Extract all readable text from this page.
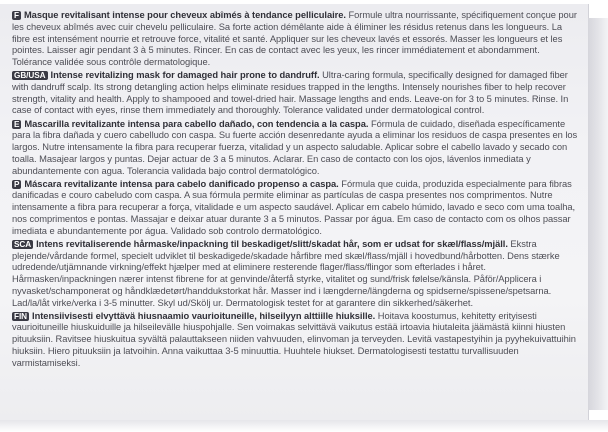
F Masque revitalisant intense pour cheveux abîmés à tendance pelliculaire. Formule ultra nourrissante, spécifiquement conçue pour les cheveux abîmés avec cuir chevelu pelliculaire. Sa forte action démêlante aide à éliminer les résidus retenus dans les longueurs. La fibre est intensément nourrie et retrouve force, vitalité et santé. Appliquer sur les cheveux lavés et essorés. Masser les longueurs et les pointes. Laisser agir pendant 3 à 5 minutes. Rincer. En cas de contact avec les yeux, les rincer immédiatement et abondamment. Tolérance validée sous contrôle dermatologique.

GB/USA Intense revitalizing mask for damaged hair prone to dandruff. Ultra-caring formula, specifically designed for damaged fiber with dandruff scalp. Its strong detangling action helps eliminate residues trapped in the lengths. Intensely nourishes fiber to help recover strength, vitality and health. Apply to shampooed and towel-dried hair. Massage lengths and ends. Leave-on for 3 to 5 minutes. Rinse. In case of contact with eyes, rinse them immediately and thoroughly. Tolerance validated under dermatological control.

E Mascarilla revitalizante intensa para cabello dañado, con tendencia a la caspa. Fórmula de cuidado, diseñada específicamente para la fibra dañada y cuero cabelludo con caspa. Su fuerte acción desenredante ayuda a eliminar los residuos de caspa presentes en los largos. Nutre intensamente la fibra para recuperar fuerza, vitalidad y un aspecto saludable. Aplicar sobre el cabello lavado y secado con toalla. Masajear largos y puntas. Dejar actuar de 3 a 5 minutos. Aclarar. En caso de contacto con los ojos, lávenlos inmediata y abundantemente con agua. Tolerancia validada bajo control dermatológico.

P Máscara revitalizante intensa para cabelo danificado propenso a caspa. Fórmula que cuida, produzida especialmente para fibras danificadas e couro cabeludo com caspa. A sua fórmula permite eliminar as partículas de caspa presentes nos comprimentos. Nutre intensamente a fibra para recuperar a força, vitalidade e um aspecto saudável. Aplicar em cabelo húmido, lavado e seco com uma toalha, nos comprimentos e pontas. Massajar e deixar atuar durante 3 a 5 minutos. Passar por água. Em caso de contacto com os olhos passar imediata e abundantemente por água. Validado sob controlo dermatológico.

SCA Intens revitaliserende hårmaske/inpackning til beskadiget/slitt/skadat hår, som er udsat for skæl/flass/mjäll. Ekstra plejende/vårdande formel, specielt udviklet til beskadigede/skadade hårfibre med skæl/flass/mjäll i hovedbund/hårbotten. Dens stærke udredende/utjämnande virkning/effekt hjælper med at eliminere resterende flager/flass/flingor som efterlades i håret. Hårmasken/inpackningen nærer intenst fibrene for at genvinde/återfå styrke, vitalitet og sund/frisk følelse/känsla. Påför/Applicera i nyvasket/schamponerat og håndklædetørt/handdukstorkat hår. Masser ind i længderne/längderna og spidserne/spissene/spetsarna. Lad/la/låt virke/verka i 3-5 minutter. Skyl ud/Skölj ur. Dermatologisk testet for at garantere din sikkerhed/säkerhet.

FIN Intensiivisesti elvyttävä hiusnaamio vaurioituneille, hilseilyyn alttiille hiuksille. Hoitava koostumus, kehitetty erityisesti vaurioituneille hiuskuiduille ja hilseilevälle hiuspohjalle. Sen voimakas selvittävä vaikutus estää irtoavia hiutaleita jäämästä kiinni hiusten pituuksiin. Ravitsee hiuskuitua syvältä palauttakseen niiden vahvuuden, elinvoman ja terveyden. Levitä vastapestyihin ja pyyhekuivattuihin hiuksiin. Hiero pituuksiin ja latvoihin. Anna vaikuttaa 3-5 minuuttia. Huuhtele hiukset. Dermatologisesti testattu turvallisuuden varmistamiseksi.
